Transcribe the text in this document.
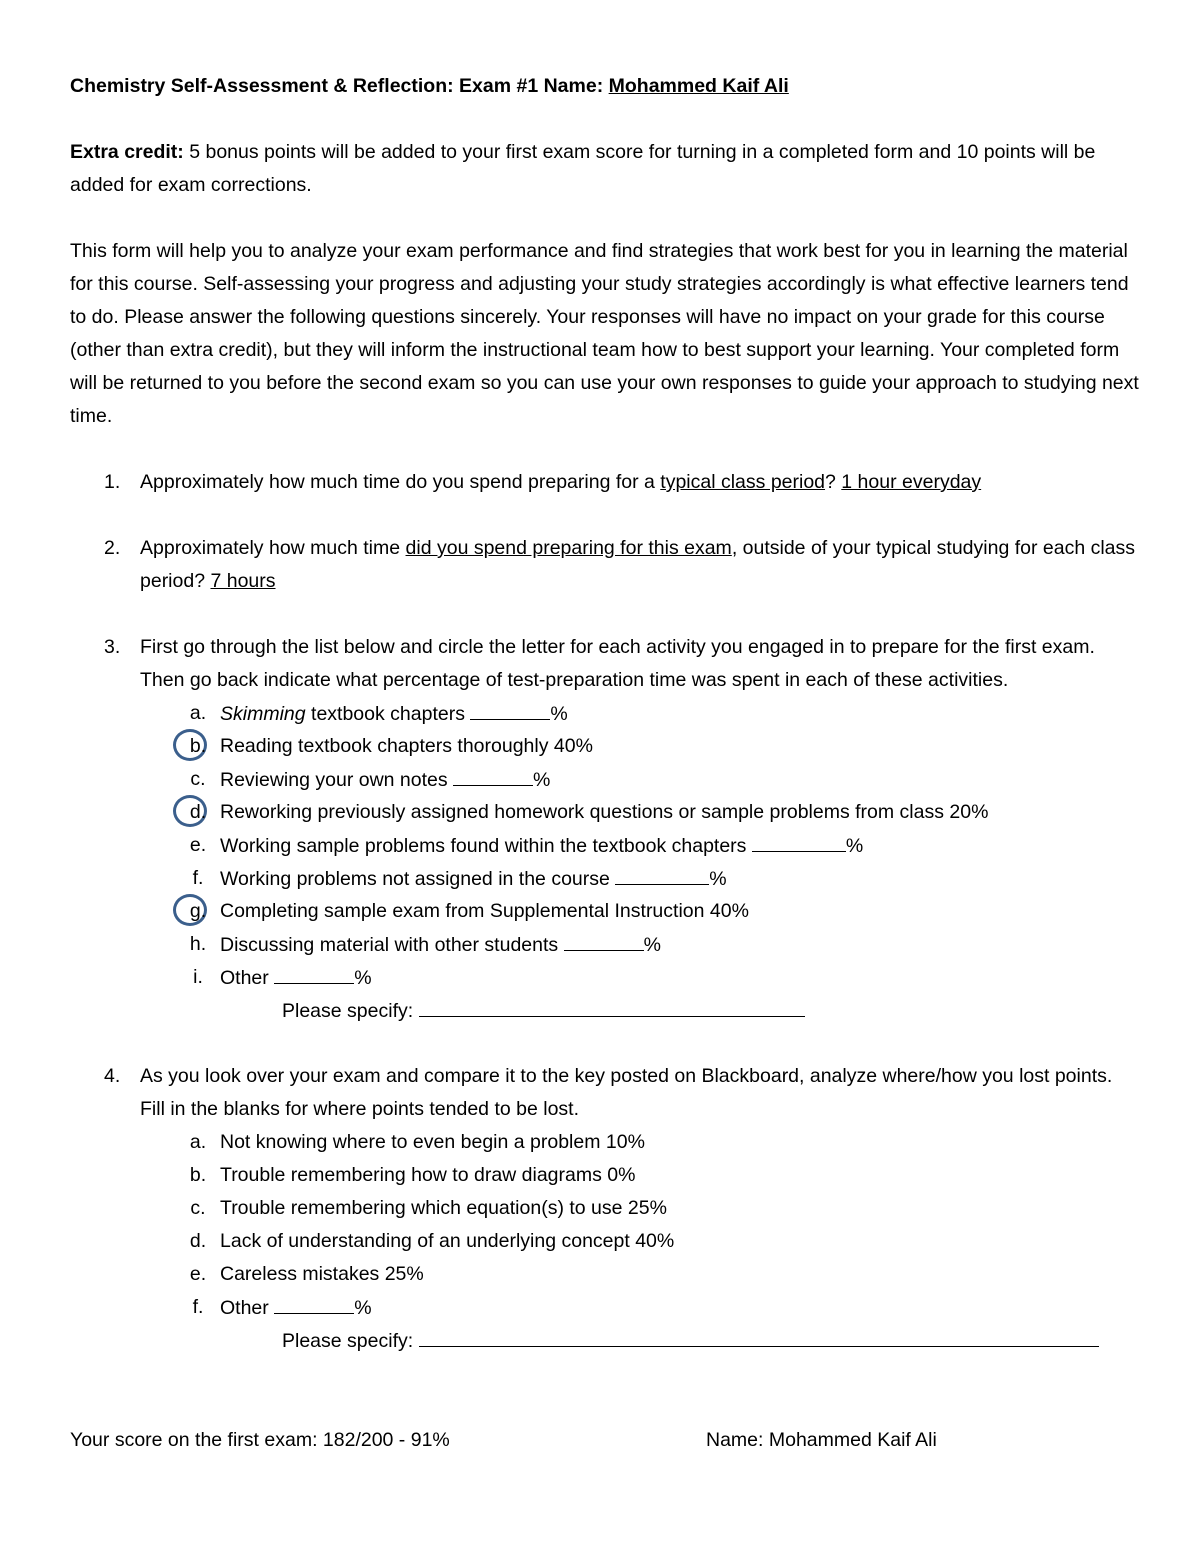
Chemistry Self-Assessment & Reflection: Exam #1 Name: Mohammed Kaif Ali

Extra credit: 5 bonus points will be added to your first exam score for turning in a completed form and 10 points will be added for exam corrections.

This form will help you to analyze your exam performance and find strategies that work best for you in learning the material for this course. Self-assessing your progress and adjusting your study strategies accordingly is what effective learners tend to do. Please answer the following questions sincerely. Your responses will have no impact on your grade for this course (other than extra credit), but they will inform the instructional team how to best support your learning. Your completed form will be returned to you before the second exam so you can use your own responses to guide your approach to studying next time.

1. Approximately how much time do you spend preparing for a typical class period? 1 hour everyday
2. Approximately how much time did you spend preparing for this exam, outside of your typical studying for each class period? 7 hours
3. First go through the list below and circle the letter for each activity you engaged in to prepare for the first exam. Then go back indicate what percentage of test-preparation time was spent in each of these activities.
a. Skimming textbook chapters	%
b. Reading textbook chapters thoroughly 40%
c. Reviewing your own notes	%
d. Reworking previously assigned homework questions or sample problems from class 20%
e. Working sample problems found within the textbook chapters	%
f. Working problems not assigned in the course	%
g. Completing sample exam from Supplemental Instruction 40%
h. Discussing material with other students	%
i. Other	%
Please specify:
4. As you look over your exam and compare it to the key posted on Blackboard, analyze where/how you lost points. Fill in the blanks for where points tended to be lost.
a. Not knowing where to even begin a problem 10%
b. Trouble remembering how to draw diagrams 0%
c. Trouble remembering which equation(s) to use 25%
d. Lack of understanding of an underlying concept 40%
e. Careless mistakes 25%
f. Other	%
Please specify:
Your score on the first exam: 182/200 - 91%	Name: Mohammed Kaif Ali
